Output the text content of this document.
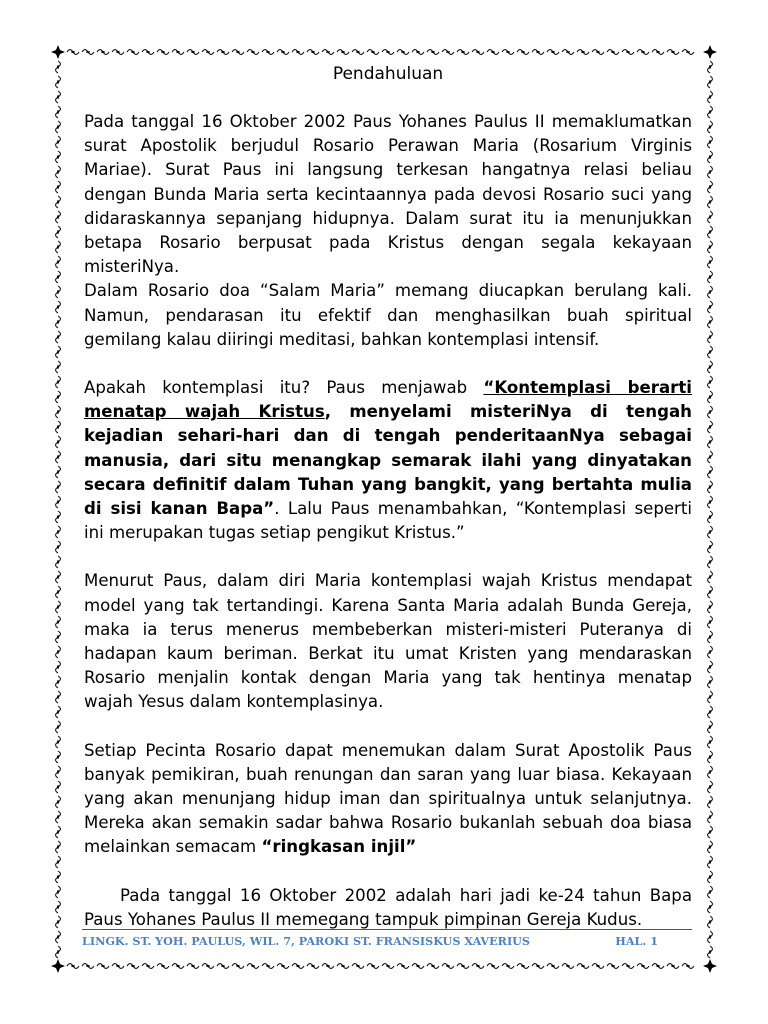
Pendahuluan

Pada tanggal 16 Oktober 2002 Paus Yohanes Paulus II memaklumatkan surat Apostolik berjudul Rosario Perawan Maria (Rosarium Virginis Mariae). Surat Paus ini langsung terkesan hangatnya relasi beliau dengan Bunda Maria serta kecintaannya pada devosi Rosario suci yang didaraskannya sepanjang hidupnya. Dalam surat itu ia menunjukkan betapa Rosario berpusat pada Kristus dengan segala kekayaan misteriNya.

Dalam Rosario doa “Salam Maria” memang diucapkan berulang kali. Namun, pendarasan itu efektif dan menghasilkan buah spiritual gemilang kalau diiringi meditasi, bahkan kontemplasi intensif.

Apakah kontemplasi itu? Paus menjawab “Kontemplasi berarti menatap wajah Kristus, menyelami misteriNya di tengah kejadian sehari-hari dan di tengah penderitaanNya sebagai manusia, dari situ menangkap semarak ilahi yang dinyatakan secara definitif dalam Tuhan yang bangkit, yang bertahta mulia di sisi kanan Bapa”. Lalu Paus menambahkan, “Kontemplasi seperti ini merupakan tugas setiap pengikut Kristus.”

Menurut Paus, dalam diri Maria kontemplasi wajah Kristus mendapat model yang tak tertandingi. Karena Santa Maria adalah Bunda Gereja, maka ia terus menerus membeberkan misteri-misteri Puteranya di hadapan kaum beriman. Berkat itu umat Kristen yang mendaraskan Rosario menjalin kontak dengan Maria yang tak hentinya menatap wajah Yesus dalam kontemplasinya.

Setiap Pecinta Rosario dapat menemukan dalam Surat Apostolik Paus banyak pemikiran, buah renungan dan saran yang luar biasa. Kekayaan yang akan menunjang hidup iman dan spiritualnya untuk selanjutnya. Mereka akan semakin sadar bahwa Rosario bukanlah sebuah doa biasa melainkan semacam “ringkasan injil”

Pada tanggal 16 Oktober 2002 adalah hari jadi ke-24 tahun Bapa Paus Yohanes Paulus II memegang tampuk pimpinan Gereja Kudus.

LINGK. ST. YOH. PAULUS, WIL. 7, PAROKI ST. FRANSISKUS XAVERIUS	HAL. 1
